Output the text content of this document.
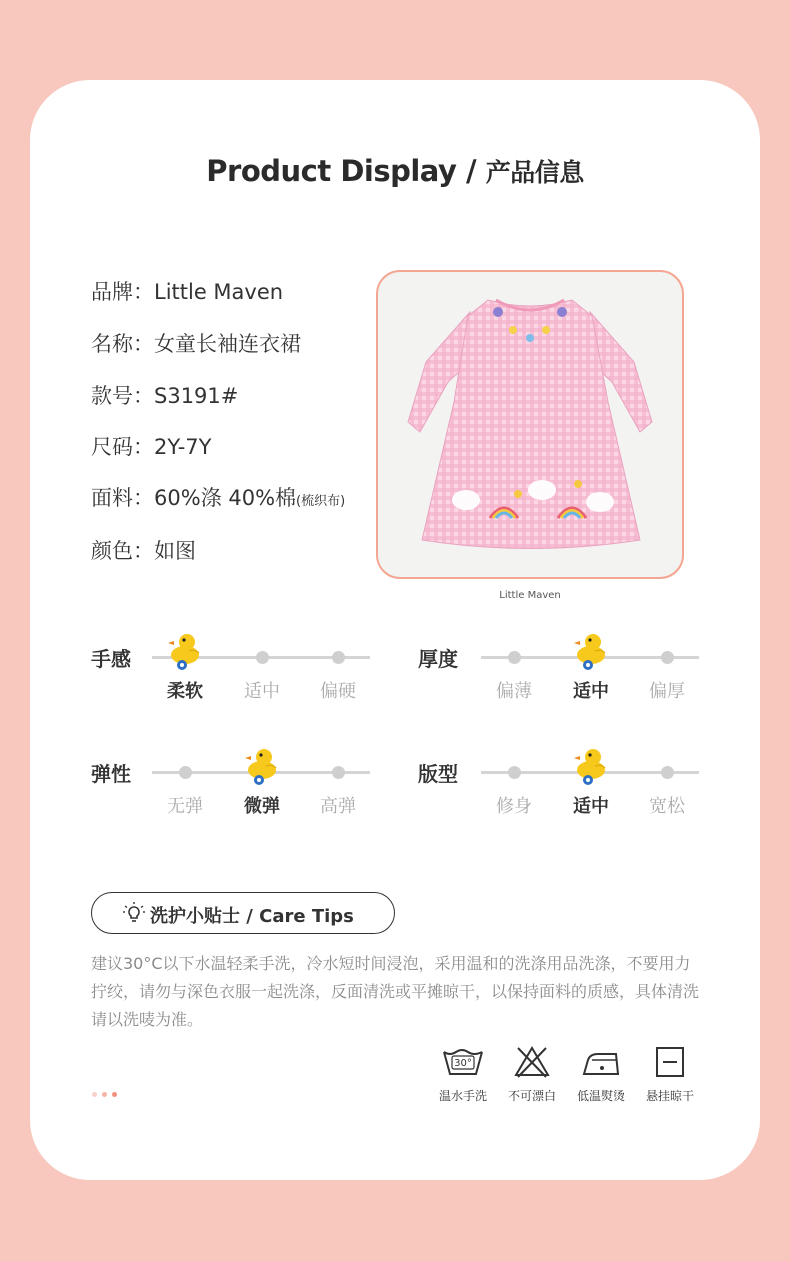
Product Display / 产品信息
品牌：Little Maven
名称：女童长袖连衣裙
款号：S3191#
尺码：2Y-7Y
面料：60%涤 40%棉(梳织布)
颜色：如图
Little Maven
手感
柔软	适中	偏硬
厚度
偏薄	适中	偏厚
弹性
无弹	微弹	高弹
版型
修身	适中	宽松
洗护小贴士 / Care Tips
建议30°C以下水温轻柔手洗，冷水短时间浸泡，采用温和的洗涤用品洗涤，不要用力拧绞，请勿与深色衣服一起洗涤，反面清洗或平摊晾干，以保持面料的质感，具体清洗请以洗唛为准。
30°
温水手洗	不可漂白	低温熨烫	悬挂晾干
